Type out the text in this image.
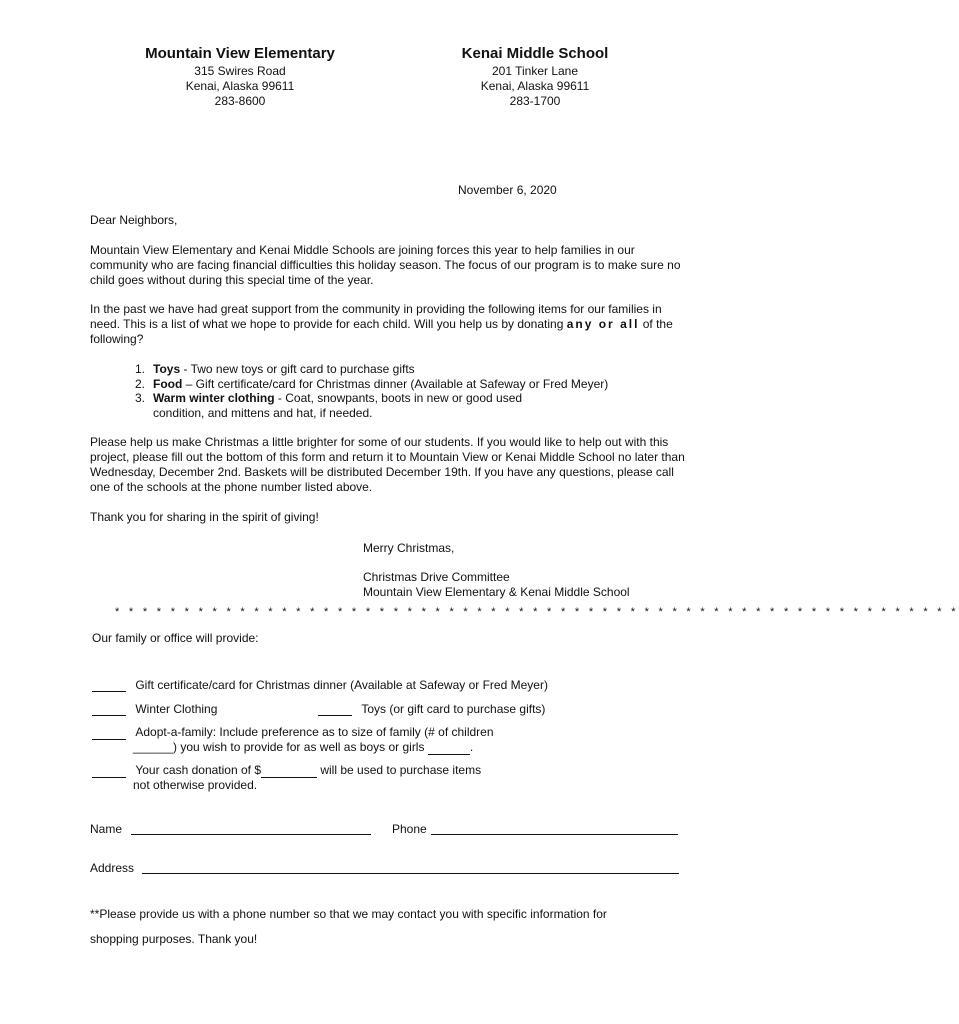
Mountain View Elementary
315 Swires Road
Kenai, Alaska 99611
283-8600
Kenai Middle School
201 Tinker Lane
Kenai, Alaska 99611
283-1700
November 6, 2020
Dear Neighbors,

Mountain View Elementary and Kenai Middle Schools are joining forces this year to help families in our community who are facing financial difficulties this holiday season. The focus of our program is to make sure no child goes without during this special time of the year.

In the past we have had great support from the community in providing the following items for our families in need. This is a list of what we hope to provide for each child. Will you help us by donating any or all of the following?

1. Toys - Two new toys or gift card to purchase gifts
2. Food – Gift certificate/card for Christmas dinner (Available at Safeway or Fred Meyer)
3. Warm winter clothing - Coat, snowpants, boots in new or good used condition, and mittens and hat, if needed.

Please help us make Christmas a little brighter for some of our students. If you would like to help out with this project, please fill out the bottom of this form and return it to Mountain View or Kenai Middle School no later than Wednesday, December 2nd. Baskets will be distributed December 19th. If you have any questions, please call one of the schools at the phone number listed above.

Thank you for sharing in the spirit of giving!
Merry Christmas,
Christmas Drive Committee
Mountain View Elementary & Kenai Middle School
* * * * * * * * * * * * * * * * * * * * * * * * * * * * * * * * * * * * * * * * * * * * * * * * * * * * * * * * * * * * *
Our family or office will provide:
Gift certificate/card for Christmas dinner (Available at Safeway or Fred Meyer)
Winter Clothing	Toys (or gift card to purchase gifts)
Adopt-a-family: Include preference as to size of family (# of children
______) you wish to provide for as well as boys or girls	.
Your cash donation of $	will be used to purchase items
not otherwise provided.
Name	Phone
Address
**Please provide us with a phone number so that we may contact you with specific information for
shopping purposes. Thank you!
